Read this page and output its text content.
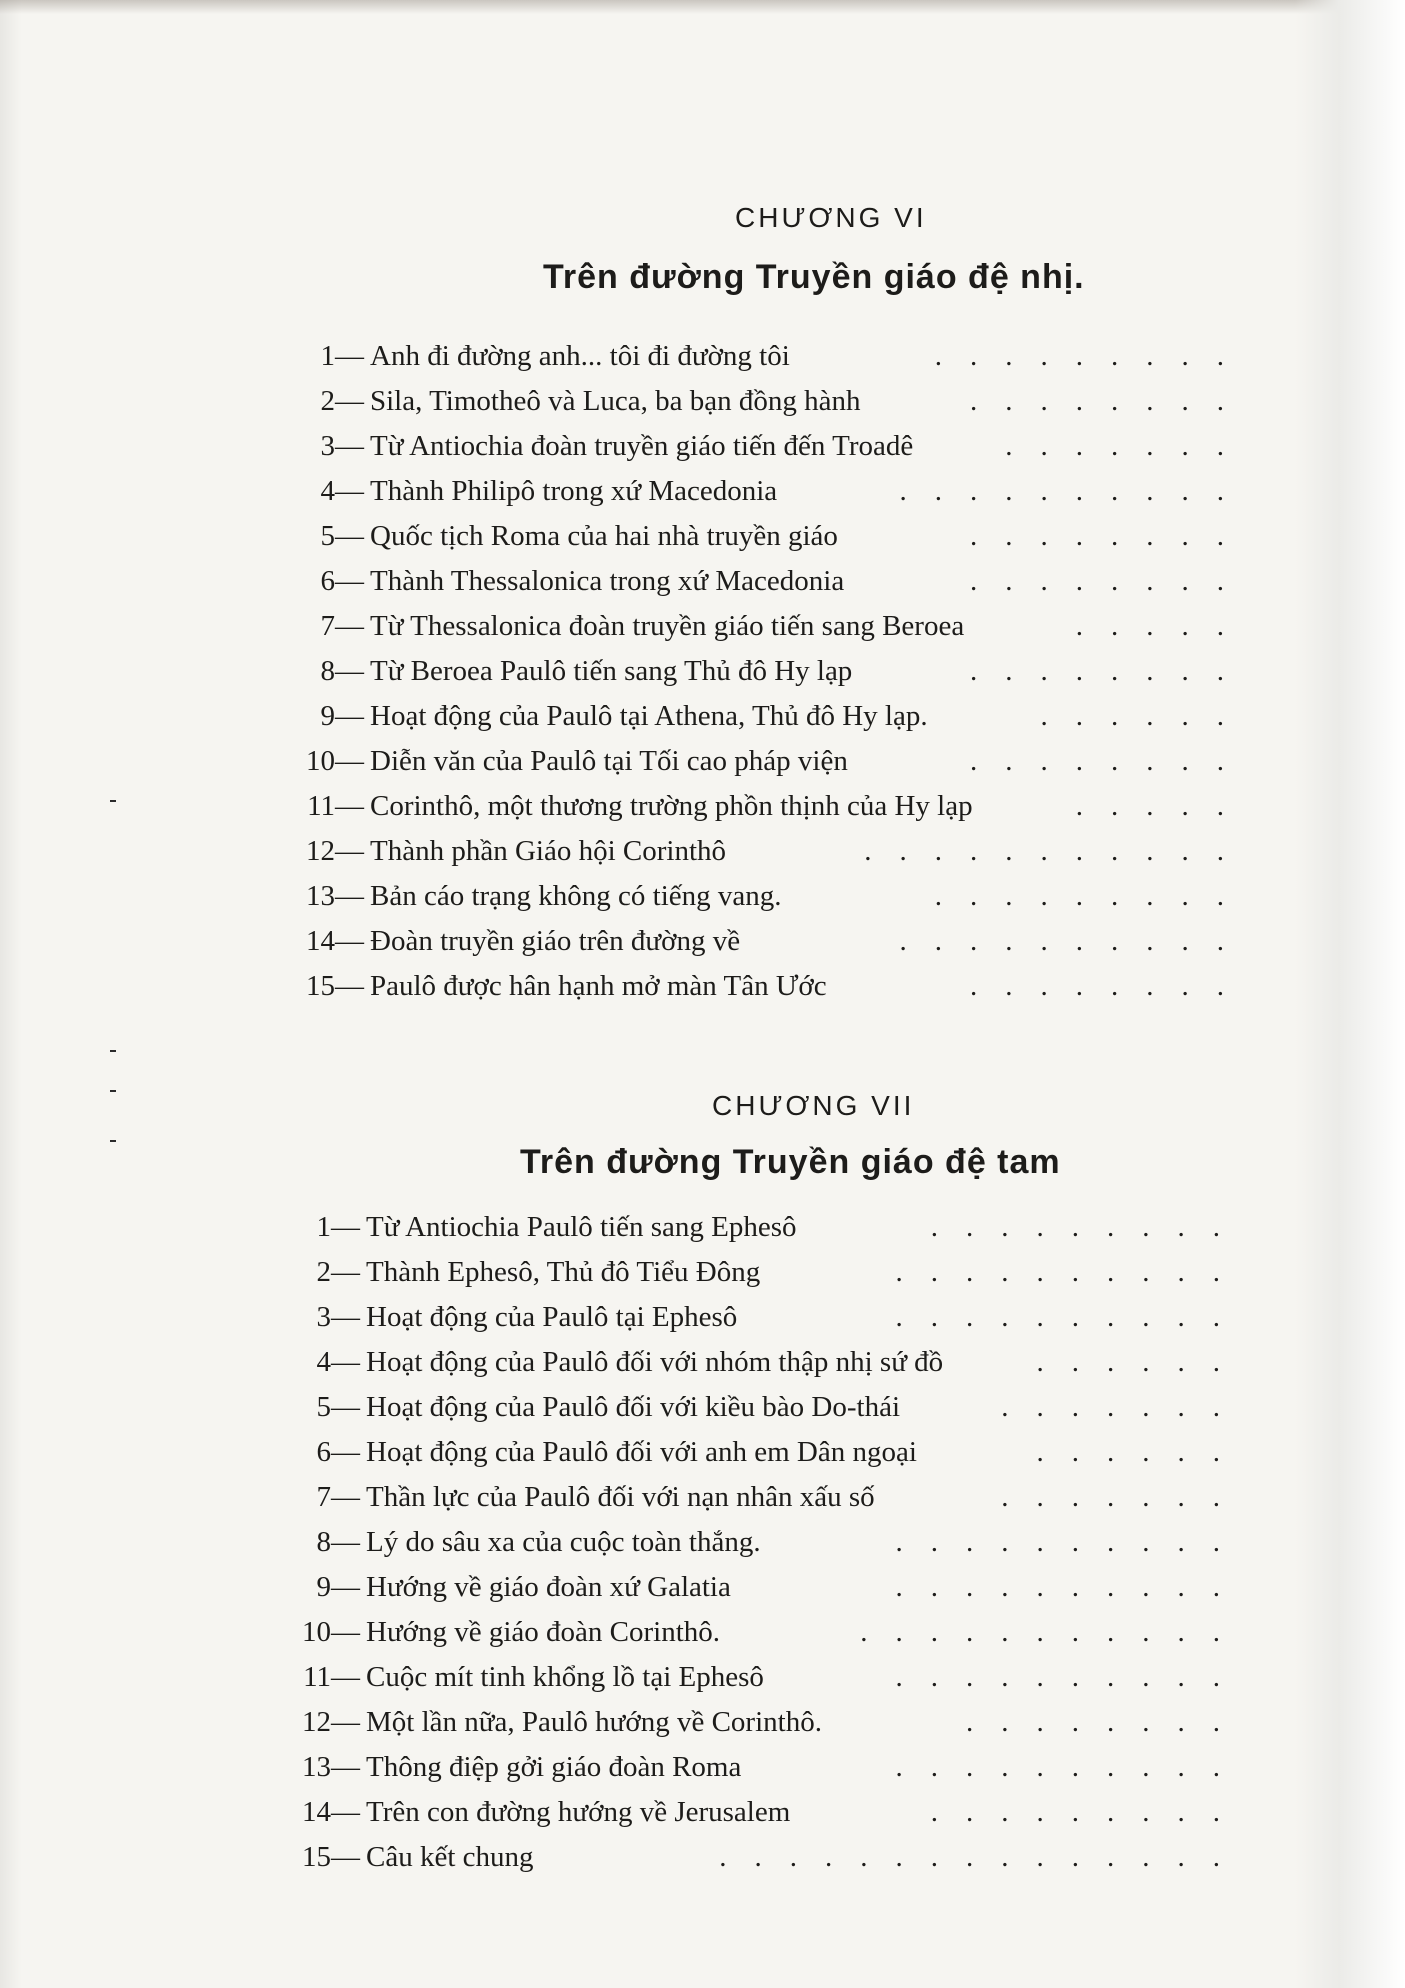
CHƯƠNG VI
Trên đường Truyền giáo đệ nhị.
1— Anh đi đường anh... tôi đi đường tôi	.........
2— Sila, Timotheô và Luca, ba bạn đồng hành	........
3— Từ Antiochia đoàn truyền giáo tiến đến Troadê	.......
4— Thành Philipô trong xứ Macedonia	..........
5— Quốc tịch Roma của hai nhà truyền giáo	........
6— Thành Thessalonica trong xứ Macedonia	........
7— Từ Thessalonica đoàn truyền giáo tiến sang Beroea	.....
8— Từ Beroea Paulô tiến sang Thủ đô Hy lạp	........
9— Hoạt động của Paulô tại Athena, Thủ đô Hy lạp.	......
10— Diễn văn của Paulô tại Tối cao pháp viện	........
11— Corinthô, một thương trường phồn thịnh của Hy lạp	.....
12— Thành phần Giáo hội Corinthô	...........
13— Bản cáo trạng không có tiếng vang.	.........
14— Đoàn truyền giáo trên đường về	..........
15— Paulô được hân hạnh mở màn Tân Ước	........
CHƯƠNG VII
Trên đường Truyền giáo đệ tam
1— Từ Antiochia Paulô tiến sang Ephesô	.........
2— Thành Ephesô, Thủ đô Tiểu Đông	..........
3— Hoạt động của Paulô tại Ephesô	..........
4— Hoạt động của Paulô đối với nhóm thập nhị sứ đồ	......
5— Hoạt động của Paulô đối với kiều bào Do-thái	.......
6— Hoạt động của Paulô đối với anh em Dân ngoại	......
7— Thần lực của Paulô đối với nạn nhân xấu số	.......
8— Lý do sâu xa của cuộc toàn thắng.	..........
9— Hướng về giáo đoàn xứ Galatia	..........
10— Hướng về giáo đoàn Corinthô.	...........
11— Cuộc mít tinh khổng lồ tại Ephesô	..........
12— Một lần nữa, Paulô hướng về Corinthô.	........
13— Thông điệp gởi giáo đoàn Roma	..........
14— Trên con đường hướng về Jerusalem	.........
15— Câu kết chung	...............
